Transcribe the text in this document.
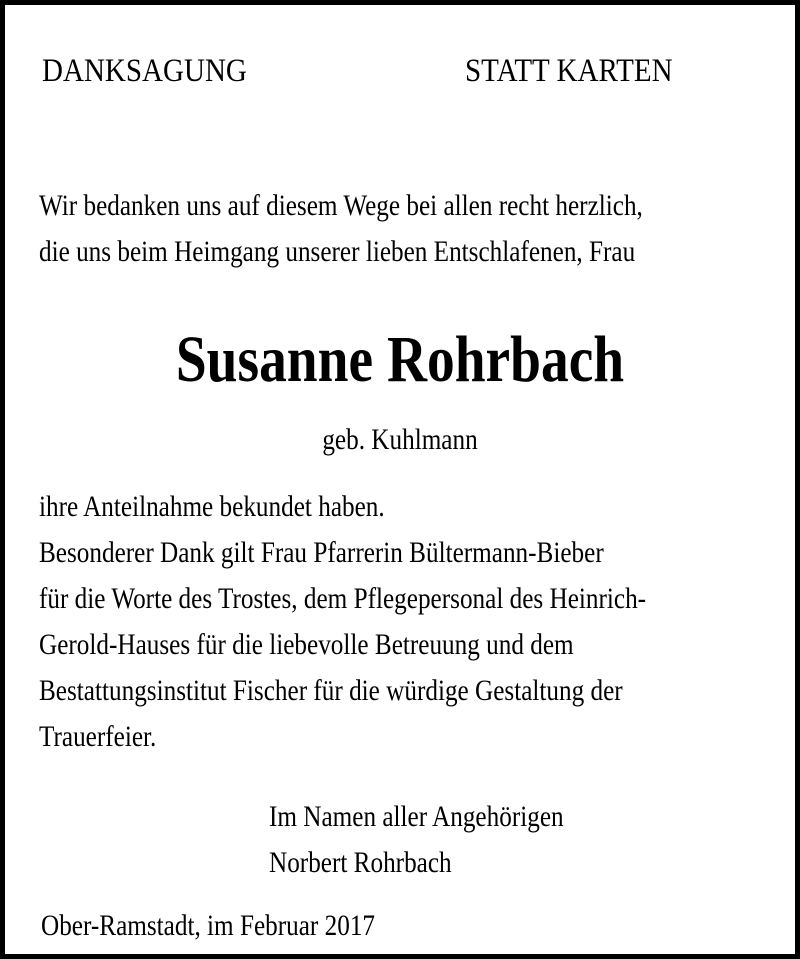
DANKSAGUNG	STATT KARTEN
Wir bedanken uns auf diesem Wege bei allen recht herzlich,
die uns beim Heimgang unserer lieben Entschlafenen, Frau
Susanne Rohrbach
geb. Kuhlmann
ihre Anteilnahme bekundet haben.
Besonderer Dank gilt Frau Pfarrerin Bültermann-Bieber
für die Worte des Trostes, dem Pflegepersonal des Heinrich-
Gerold-Hauses für die liebevolle Betreuung und dem
Bestattungsinstitut Fischer für die würdige Gestaltung der
Trauerfeier.
Im Namen aller Angehörigen
Norbert Rohrbach
Ober-Ramstadt, im Februar 2017
